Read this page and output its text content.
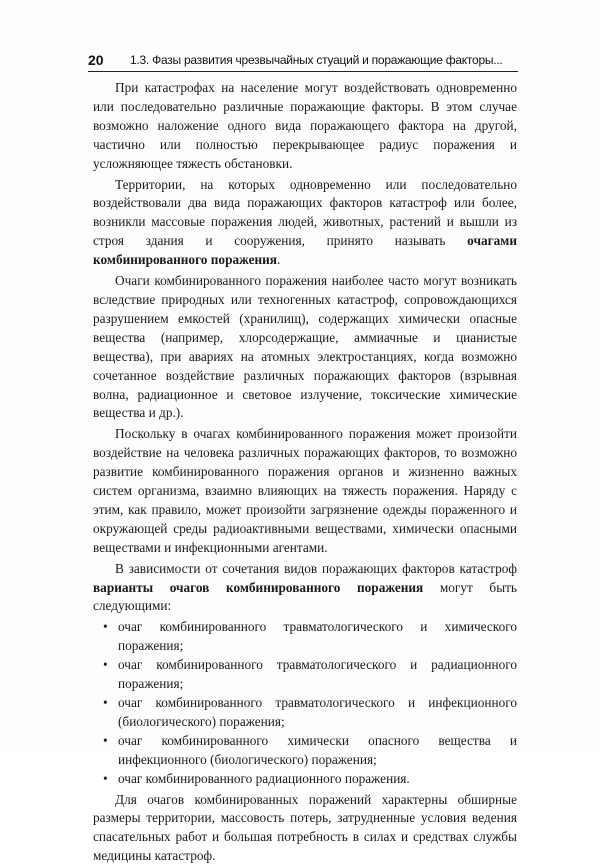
20 1.3. Фазы развития чрезвычайных стуаций и поражающие факторы...

При катастрофах на население могут воздействовать одновременно или последовательно различные поражающие факторы. В этом случае возможно наложение одного вида поражающего фактора на другой, частично или полностью перекрывающее радиус поражения и усложняющее тяжесть обстановки.

Территории, на которых одновременно или последовательно воздействовали два вида поражающих факторов катастроф или более, возникли массовые поражения людей, животных, растений и вышли из строя здания и сооружения, принято называть очагами комбинированного поражения.

Очаги комбинированного поражения наиболее часто могут возникать вследствие природных или техногенных катастроф, сопровождающихся разрушением емкостей (хранилищ), содержащих химически опасные вещества (например, хлорсодержащие, аммиачные и цианистые вещества), при авариях на атомных электростанциях, когда возможно сочетанное воздействие различных поражающих факторов (взрывная волна, радиационное и световое излучение, токсические химические вещества и др.).

Поскольку в очагах комбинированного поражения может произойти воздействие на человека различных поражающих факторов, то возможно развитие комбинированного поражения органов и жизненно важных систем организма, взаимно влияющих на тяжесть поражения. Наряду с этим, как правило, может произойти загрязнение одежды пораженного и окружающей среды радиоактивными веществами, химически опасными веществами и инфекционными агентами.

В зависимости от сочетания видов поражающих факторов катастроф варианты очагов комбинированного поражения могут быть следующими:

• очаг комбинированного травматологического и химического поражения;
• очаг комбинированного травматологического и радиационного поражения;
• очаг комбинированного травматологического и инфекционного (биологического) поражения;
• очаг комбинированного химически опасного вещества и инфекционного (биологического) поражения;
• очаг комбинированного радиационного поражения.

Для очагов комбинированных поражений характерны обширные размеры территории, массовость потерь, затрудненные условия ведения спасательных работ и большая потребность в силах и средствах службы медицины катастроф.
